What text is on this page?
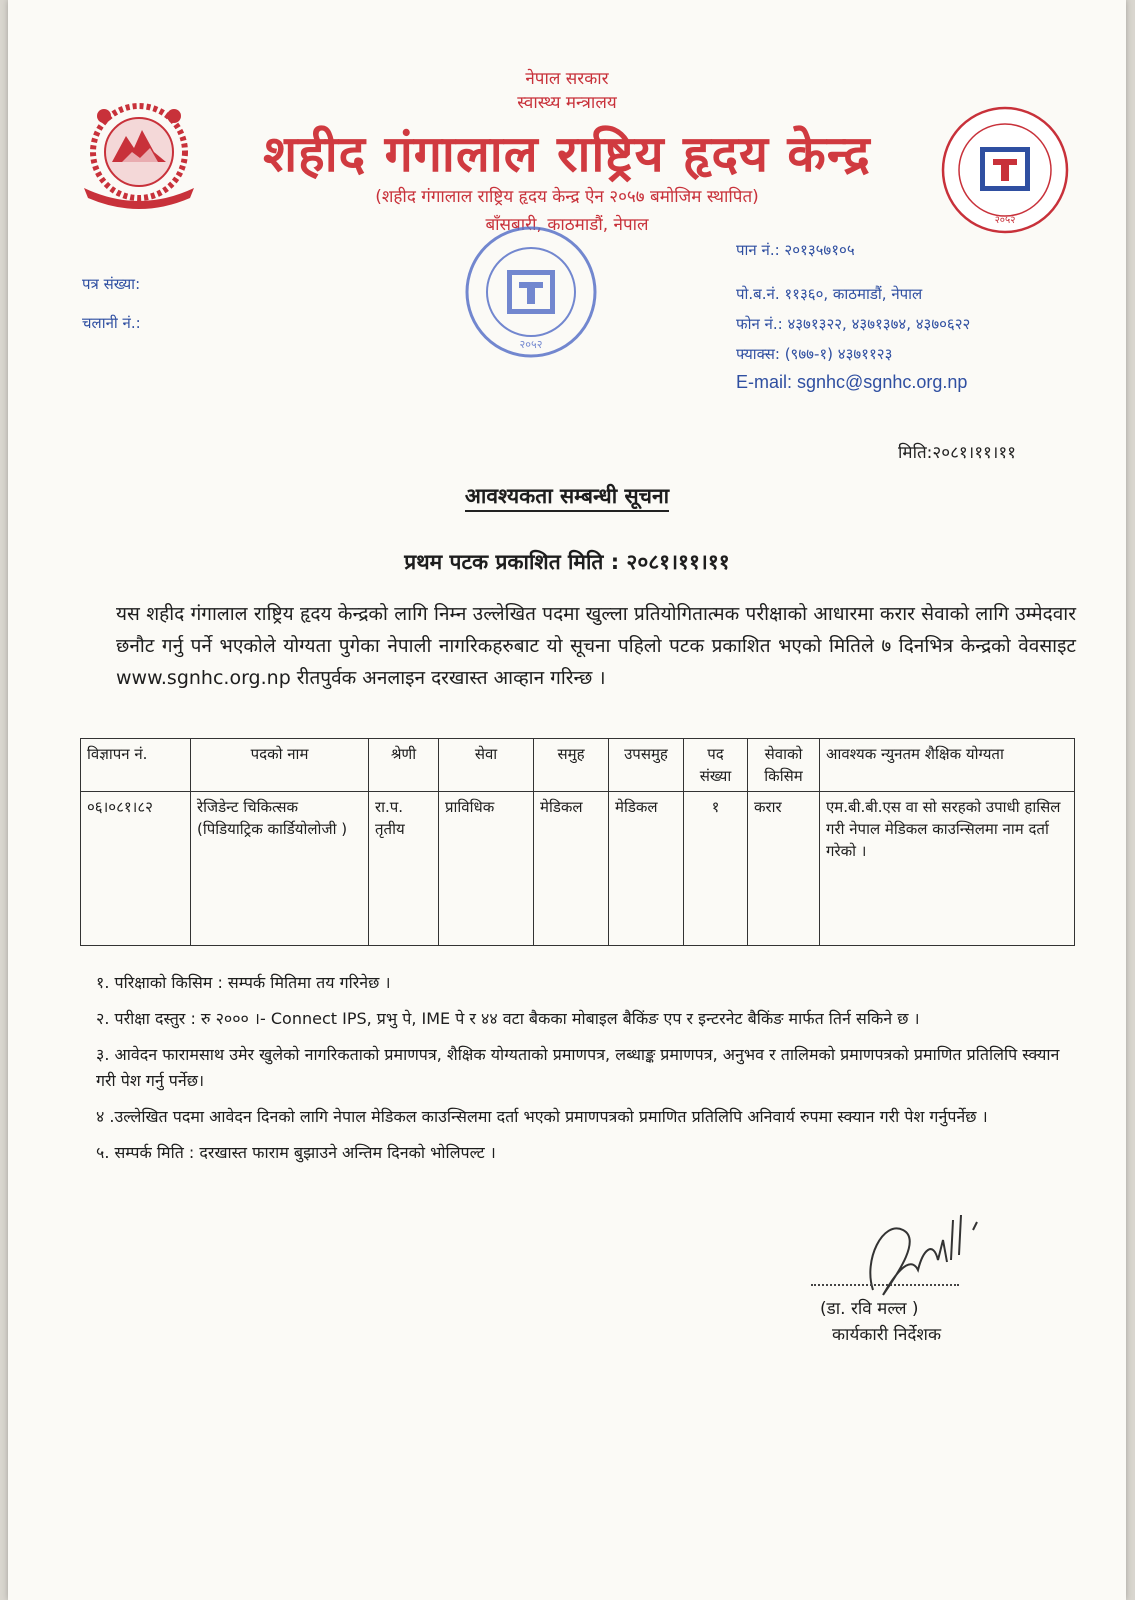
नेपाल सरकार
स्वास्थ्य मन्त्रालय
शहीद गंगालाल राष्ट्रिय हृदय केन्द्र
(शहीद गंगालाल राष्ट्रिय हृदय केन्द्र ऐन २०५७ बमोजिम स्थापित)
बाँसबारी, काठमाडौं, नेपाल	२०५२
२०५२
पत्र संख्या:
चलानी नं.:
पान नं.: २०१३५७१०५
पो.ब.नं. ११३६०, काठमाडौं, नेपाल
फोन नं.: ४३७१३२२, ४३७१३७४, ४३७०६२२
फ्याक्स: (९७७-१) ४३७११२३
E-mail: sgnhc@sgnhc.org.np
मिति:२०८१।११।११
आवश्यकता सम्बन्धी सूचना
प्रथम पटक प्रकाशित मिति : २०८१।११।११
यस शहीद गंगालाल राष्ट्रिय हृदय केन्द्रको लागि निम्न उल्लेखित पदमा खुल्ला प्रतियोगितात्मक परीक्षाको आधारमा करार सेवाको लागि उम्मेदवार छनौट गर्नु पर्ने भएकोले योग्यता पुगेका नेपाली नागरिकहरुबाट यो सूचना पहिलो पटक प्रकाशित भएको मितिले ७ दिनभित्र केन्द्रको वेवसाइट www.sgnhc.org.np रीतपुर्वक अनलाइन दरखास्त आव्हान गरिन्छ ।
विज्ञापन नं.	पदको नाम	श्रेणी	सेवा	समुह	उपसमुह	पद संख्या	सेवाको किसिम	आवश्यक न्युनतम शैक्षिक योग्यता
०६।०८१।८२	रेजिडेन्ट चिकित्सक (पिडियाट्रिक कार्डियोलोजी )	रा.प. तृतीय	प्राविधिक	मेडिकल	मेडिकल	१	करार	एम.बी.बी.एस वा सो सरहको उपाधी हासिल गरी नेपाल मेडिकल काउन्सिलमा नाम दर्ता गरेको ।

१. परिक्षाको किसिम : सम्पर्क मितिमा तय गरिनेछ ।

२. परीक्षा दस्तुर : रु २००० ।- Connect IPS, प्रभु पे, IME पे र ४४ वटा बैकका मोबाइल बैकिंङ एप र इन्टरनेट बैकिंङ मार्फत तिर्न सकिने छ ।

३. आवेदन फारामसाथ उमेर खुलेको नागरिकताको प्रमाणपत्र, शैक्षिक योग्यताको प्रमाणपत्र, लब्धाङ्क प्रमाणपत्र, अनुभव र तालिमको प्रमाणपत्रको प्रमाणित प्रतिलिपि स्क्यान गरी पेश गर्नु पर्नेछ।

४ .उल्लेखित पदमा आवेदन दिनको लागि नेपाल मेडिकल काउन्सिलमा दर्ता भएको प्रमाणपत्रको प्रमाणित प्रतिलिपि अनिवार्य रुपमा स्क्यान गरी पेश गर्नुपर्नेछ ।

५. सम्पर्क मिति : दरखास्त फाराम बुझाउने अन्तिम दिनको भोलिपल्ट ।

(डा. रवि मल्ल )
कार्यकारी निर्देशक
